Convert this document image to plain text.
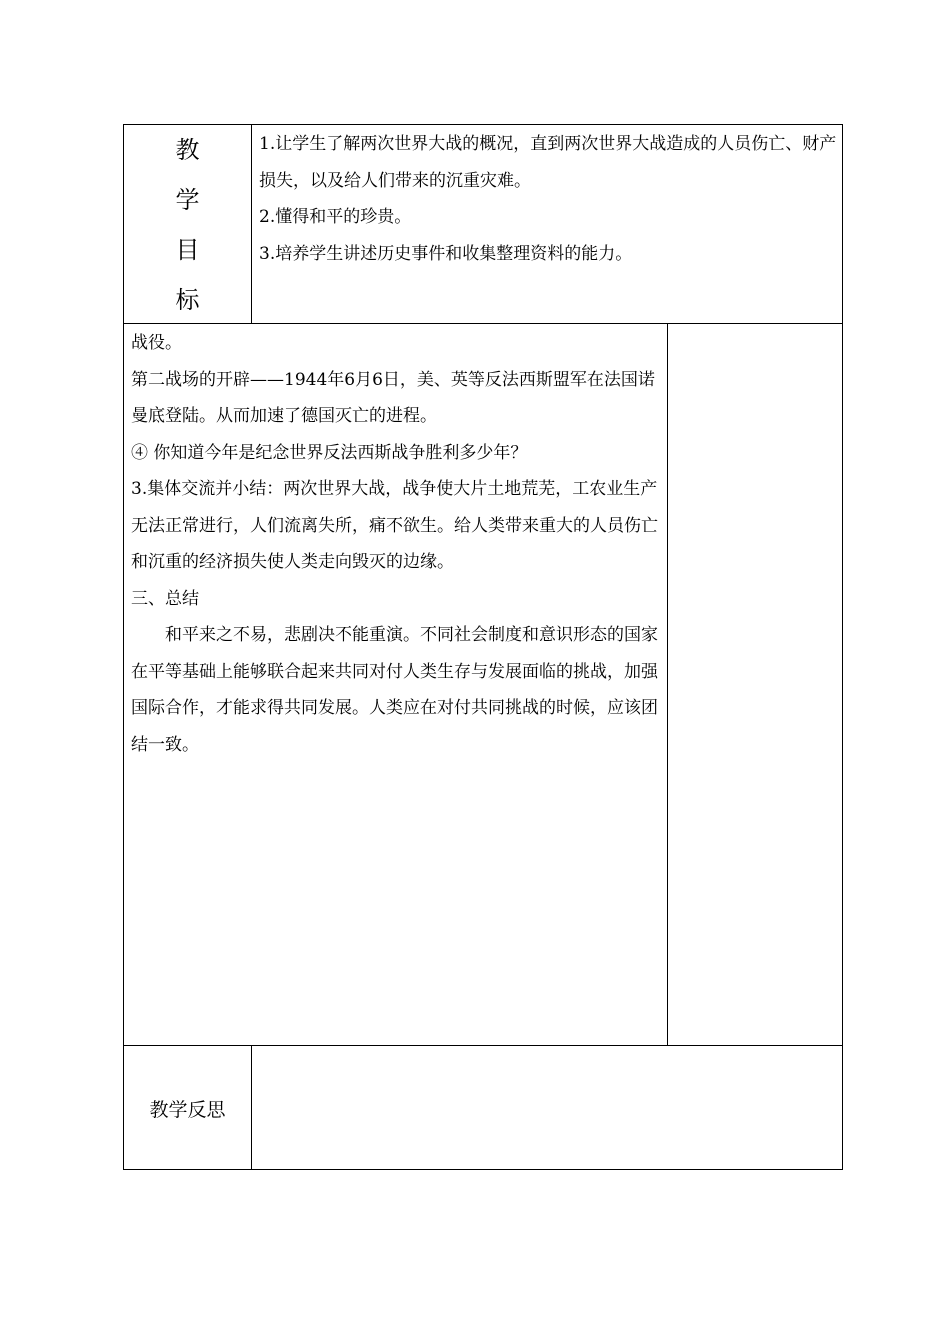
教
学
目
标

1.让学生了解两次世界大战的概况，直到两次世界大战造成的人员伤亡、财产损失，以及给人们带来的沉重灾难。

2.懂得和平的珍贵。

3.培养学生讲述历史事件和收集整理资料的能力。

战役。

第二战场的开辟——1944年6月6日，美、英等反法西斯盟军在法国诺曼底登陆。从而加速了德国灭亡的进程。

④ 你知道今年是纪念世界反法西斯战争胜利多少年？

3.集体交流并小结：两次世界大战，战争使大片土地荒芜，工农业生产无法正常进行，人们流离失所，痛不欲生。给人类带来重大的人员伤亡和沉重的经济损失使人类走向毁灭的边缘。

三、总结

和平来之不易，悲剧决不能重演。不同社会制度和意识形态的国家在平等基础上能够联合起来共同对付人类生存与发展面临的挑战，加强国际合作，才能求得共同发展。人类应在对付共同挑战的时候，应该团结一致。

教学反思
